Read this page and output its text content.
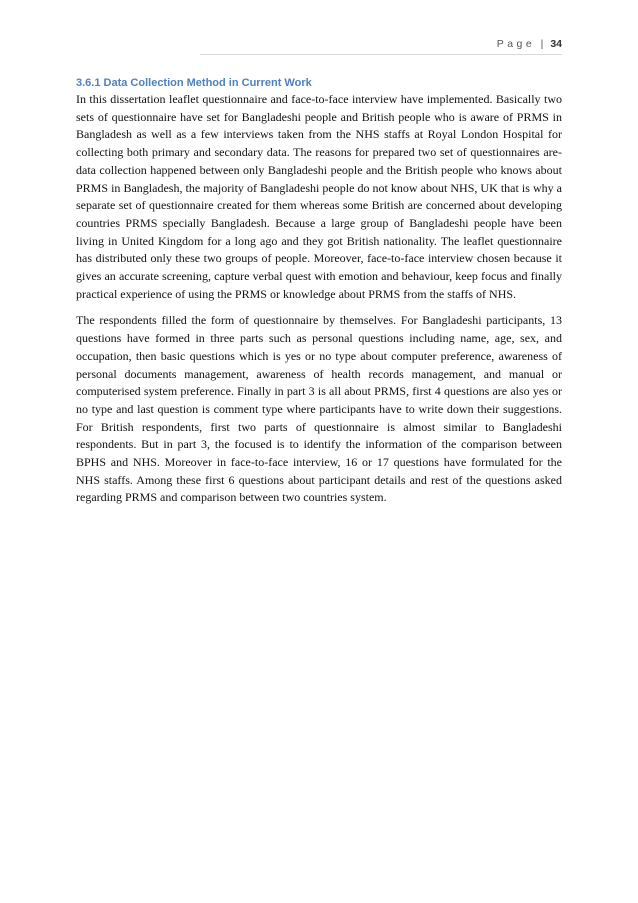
Page | 34
3.6.1 Data Collection Method in Current Work

In this dissertation leaflet questionnaire and face-to-face interview have implemented. Basically two sets of questionnaire have set for Bangladeshi people and British people who is aware of PRMS in Bangladesh as well as a few interviews taken from the NHS staffs at Royal London Hospital for collecting both primary and secondary data. The reasons for prepared two set of questionnaires are- data collection happened between only Bangladeshi people and the British people who knows about PRMS in Bangladesh, the majority of Bangladeshi people do not know about NHS, UK that is why a separate set of questionnaire created for them whereas some British are concerned about developing countries PRMS specially Bangladesh. Because a large group of Bangladeshi people have been living in United Kingdom for a long ago and they got British nationality. The leaflet questionnaire has distributed only these two groups of people. Moreover, face-to-face interview chosen because it gives an accurate screening, capture verbal quest with emotion and behaviour, keep focus and finally practical experience of using the PRMS or knowledge about PRMS from the staffs of NHS.

The respondents filled the form of questionnaire by themselves. For Bangladeshi participants, 13 questions have formed in three parts such as personal questions including name, age, sex, and occupation, then basic questions which is yes or no type about computer preference, awareness of personal documents management, awareness of health records management, and manual or computerised system preference. Finally in part 3 is all about PRMS, first 4 questions are also yes or no type and last question is comment type where participants have to write down their suggestions. For British respondents, first two parts of questionnaire is almost similar to Bangladeshi respondents. But in part 3, the focused is to identify the information of the comparison between BPHS and NHS. Moreover in face-to-face interview, 16 or 17 questions have formulated for the NHS staffs. Among these first 6 questions about participant details and rest of the questions asked regarding PRMS and comparison between two countries system.
